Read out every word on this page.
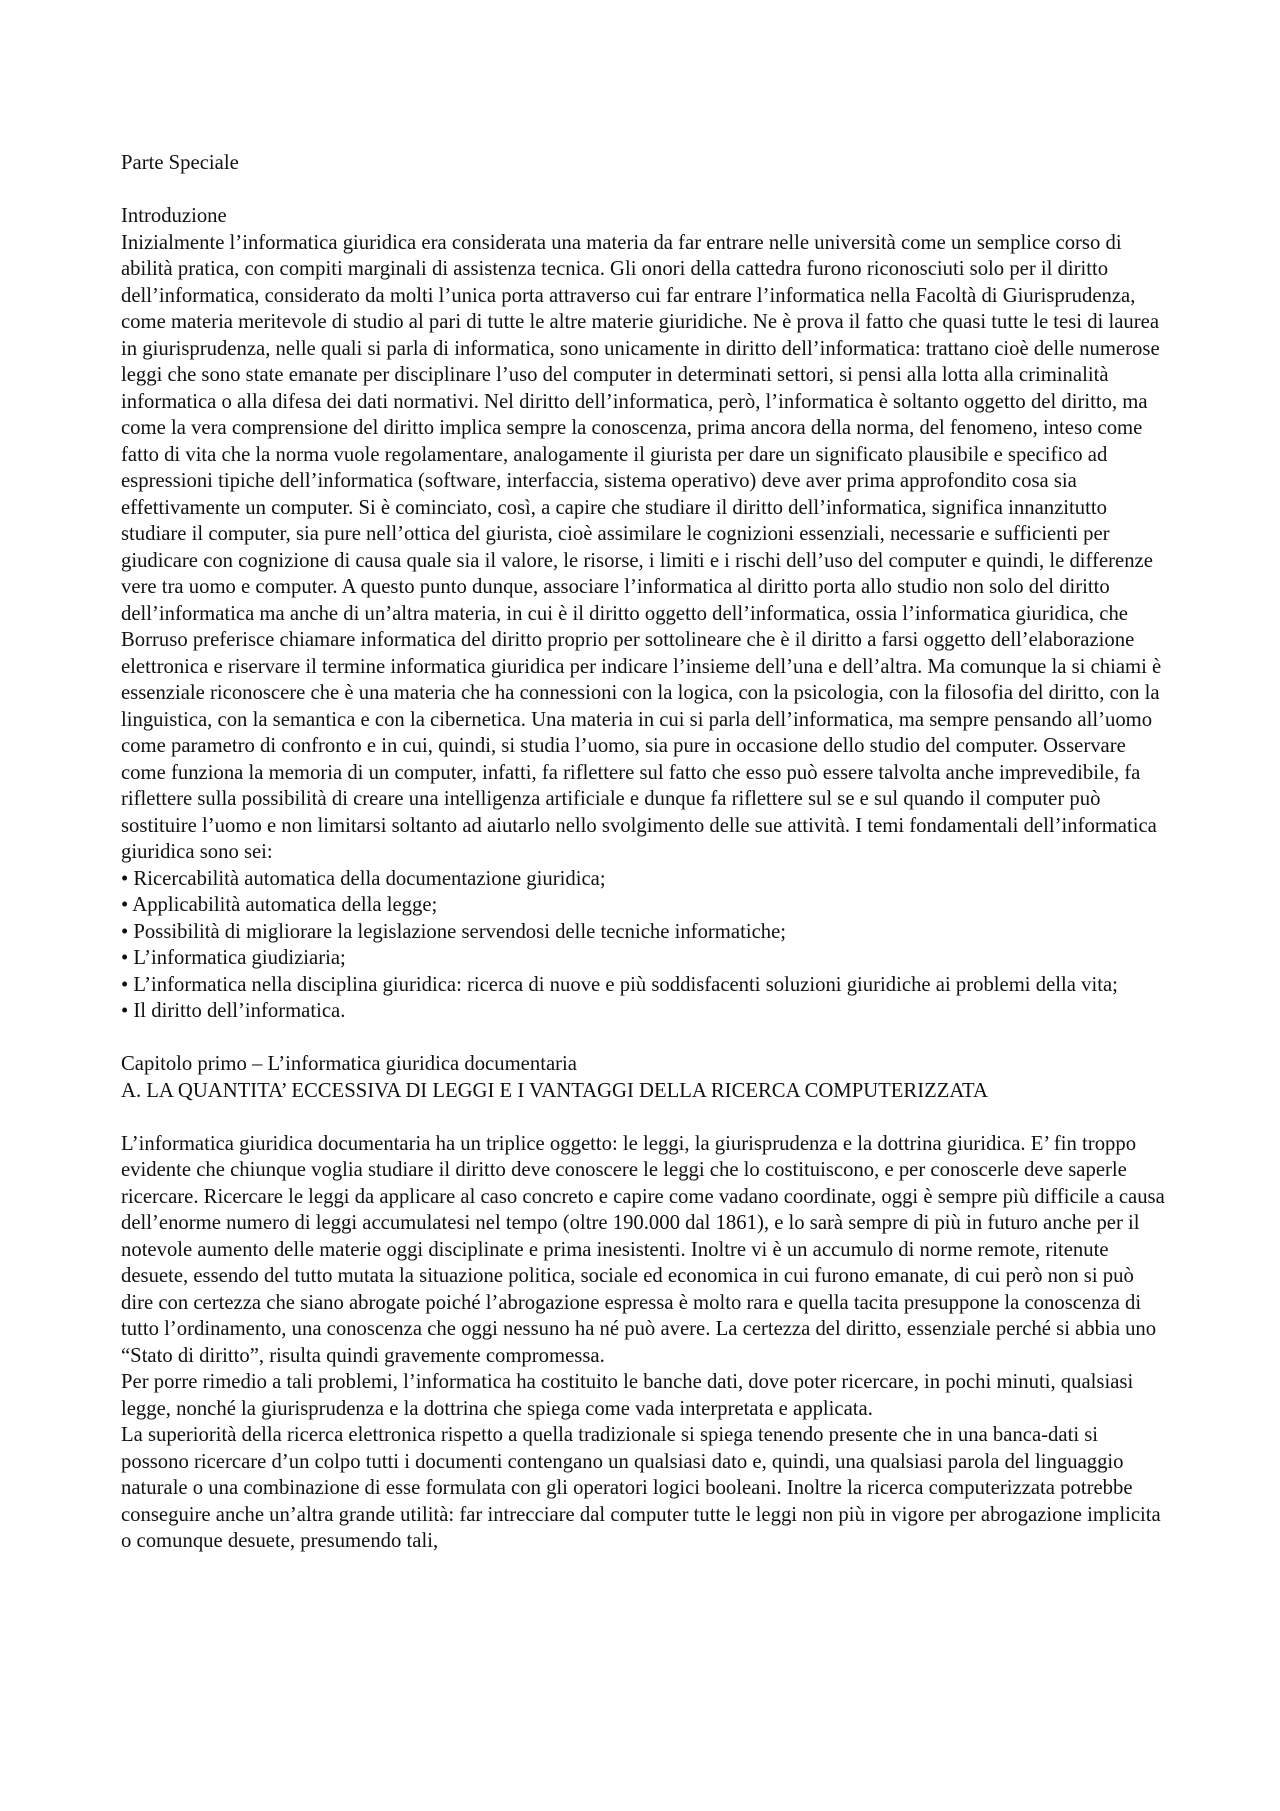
Parte Speciale

Introduzione

Inizialmente l’informatica giuridica era considerata una materia da far entrare nelle università come un semplice corso di abilità pratica, con compiti marginali di assistenza tecnica. Gli onori della cattedra furono riconosciuti solo per il diritto dell’informatica, considerato da molti l’unica porta attraverso cui far entrare l’informatica nella Facoltà di Giurisprudenza, come materia meritevole di studio al pari di tutte le altre materie giuridiche. Ne è prova il fatto che quasi tutte le tesi di laurea in giurisprudenza, nelle quali si parla di informatica, sono unicamente in diritto dell’informatica: trattano cioè delle numerose leggi che sono state emanate per disciplinare l’uso del computer in determinati settori, si pensi alla lotta alla criminalità informatica o alla difesa dei dati normativi. Nel diritto dell’informatica, però, l’informatica è soltanto oggetto del diritto, ma come la vera comprensione del diritto implica sempre la conoscenza, prima ancora della norma, del fenomeno, inteso come fatto di vita che la norma vuole regolamentare, analogamente il giurista per dare un significato plausibile e specifico ad espressioni tipiche dell’informatica (software, interfaccia, sistema operativo) deve aver prima approfondito cosa sia effettivamente un computer. Si è cominciato, così, a capire che studiare il diritto dell’informatica, significa innanzitutto studiare il computer, sia pure nell’ottica del giurista, cioè assimilare le cognizioni essenziali, necessarie e sufficienti per giudicare con cognizione di causa quale sia il valore, le risorse, i limiti e i rischi dell’uso del computer e quindi, le differenze vere tra uomo e computer. A questo punto dunque, associare l’informatica al diritto porta allo studio non solo del diritto dell’informatica ma anche di un’altra materia, in cui è il diritto oggetto dell’informatica, ossia l’informatica giuridica, che Borruso preferisce chiamare informatica del diritto proprio per sottolineare che è il diritto a farsi oggetto dell’elaborazione elettronica e riservare il termine informatica giuridica per indicare l’insieme dell’una e dell’altra. Ma comunque la si chiami è essenziale riconoscere che è una materia che ha connessioni con la logica, con la psicologia, con la filosofia del diritto, con la linguistica, con la semantica e con la cibernetica. Una materia in cui si parla dell’informatica, ma sempre pensando all’uomo come parametro di confronto e in cui, quindi, si studia l’uomo, sia pure in occasione dello studio del computer. Osservare come funziona la memoria di un computer, infatti, fa riflettere sul fatto che esso può essere talvolta anche imprevedibile, fa riflettere sulla possibilità di creare una intelligenza artificiale e dunque fa riflettere sul se e sul quando il computer può sostituire l’uomo e non limitarsi soltanto ad aiutarlo nello svolgimento delle sue attività. I temi fondamentali dell’informatica giuridica sono sei:

• Ricercabilità automatica della documentazione giuridica;
• Applicabilità automatica della legge;
• Possibilità di migliorare la legislazione servendosi delle tecniche informatiche;
• L’informatica giudiziaria;
• L’informatica nella disciplina giuridica: ricerca di nuove e più soddisfacenti soluzioni giuridiche ai problemi della vita;
• Il diritto dell’informatica.

Capitolo primo – L’informatica giuridica documentaria

A. LA QUANTITA’ ECCESSIVA DI LEGGI E I VANTAGGI DELLA RICERCA COMPUTERIZZATA

L’informatica giuridica documentaria ha un triplice oggetto: le leggi, la giurisprudenza e la dottrina giuridica. E’ fin troppo evidente che chiunque voglia studiare il diritto deve conoscere le leggi che lo costituiscono, e per conoscerle deve saperle ricercare. Ricercare le leggi da applicare al caso concreto e capire come vadano coordinate, oggi è sempre più difficile a causa dell’enorme numero di leggi accumulatesi nel tempo (oltre 190.000 dal 1861), e lo sarà sempre di più in futuro anche per il notevole aumento delle materie oggi disciplinate e prima inesistenti. Inoltre vi è un accumulo di norme remote, ritenute desuete, essendo del tutto mutata la situazione politica, sociale ed economica in cui furono emanate, di cui però non si può dire con certezza che siano abrogate poiché l’abrogazione espressa è molto rara e quella tacita presuppone la conoscenza di tutto l’ordinamento, una conoscenza che oggi nessuno ha né può avere. La certezza del diritto, essenziale perché si abbia uno “Stato di diritto”, risulta quindi gravemente compromessa.

Per porre rimedio a tali problemi, l’informatica ha costituito le banche dati, dove poter ricercare, in pochi minuti, qualsiasi legge, nonché la giurisprudenza e la dottrina che spiega come vada interpretata e applicata.

La superiorità della ricerca elettronica rispetto a quella tradizionale si spiega tenendo presente che in una banca-dati si possono ricercare d’un colpo tutti i documenti contengano un qualsiasi dato e, quindi, una qualsiasi parola del linguaggio naturale o una combinazione di esse formulata con gli operatori logici booleani. Inoltre la ricerca computerizzata potrebbe conseguire anche un’altra grande utilità: far intrecciare dal computer tutte le leggi non più in vigore per abrogazione implicita o comunque desuete, presumendo tali,
